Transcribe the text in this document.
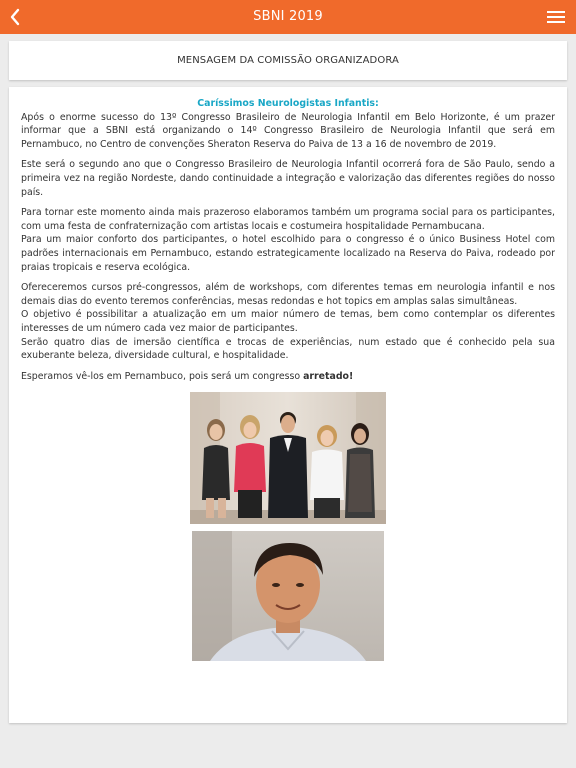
SBNI 2019
MENSAGEM DA COMISSÃO ORGANIZADORA
Caríssimos Neurologistas Infantis:

Após o enorme sucesso do 13º Congresso Brasileiro de Neurologia Infantil em Belo Horizonte, é um prazer informar que a SBNI está organizando o 14º Congresso Brasileiro de Neurologia Infantil que será em Pernambuco, no Centro de convenções Sheraton Reserva do Paiva de 13 a 16 de novembro de 2019.

Este será o segundo ano que o Congresso Brasileiro de Neurologia Infantil ocorrerá fora de São Paulo, sendo a primeira vez na região Nordeste, dando continuidade a integração e valorização das diferentes regiões do nosso país.

Para tornar este momento ainda mais prazeroso elaboramos também um programa social para os participantes, com uma festa de confraternização com artistas locais e costumeira hospitalidade Pernambucana.
Para um maior conforto dos participantes, o hotel escolhido para o congresso é o único Business Hotel com padrões internacionais em Pernambuco, estando estrategicamente localizado na Reserva do Paiva, rodeado por praias tropicais e reserva ecológica.

Ofereceremos cursos pré-congressos, além de workshops, com diferentes temas em neurologia infantil e nos demais dias do evento teremos conferências, mesas redondas e hot topics em amplas salas simultâneas.
O objetivo é possibilitar a atualização em um maior número de temas, bem como contemplar os diferentes interesses de um número cada vez maior de participantes.
Serão quatro dias de imersão científica e trocas de experiências, num estado que é conhecido pela sua exuberante beleza, diversidade cultural, e hospitalidade.

Esperamos vê-los em Pernambuco, pois será um congresso arretado!
